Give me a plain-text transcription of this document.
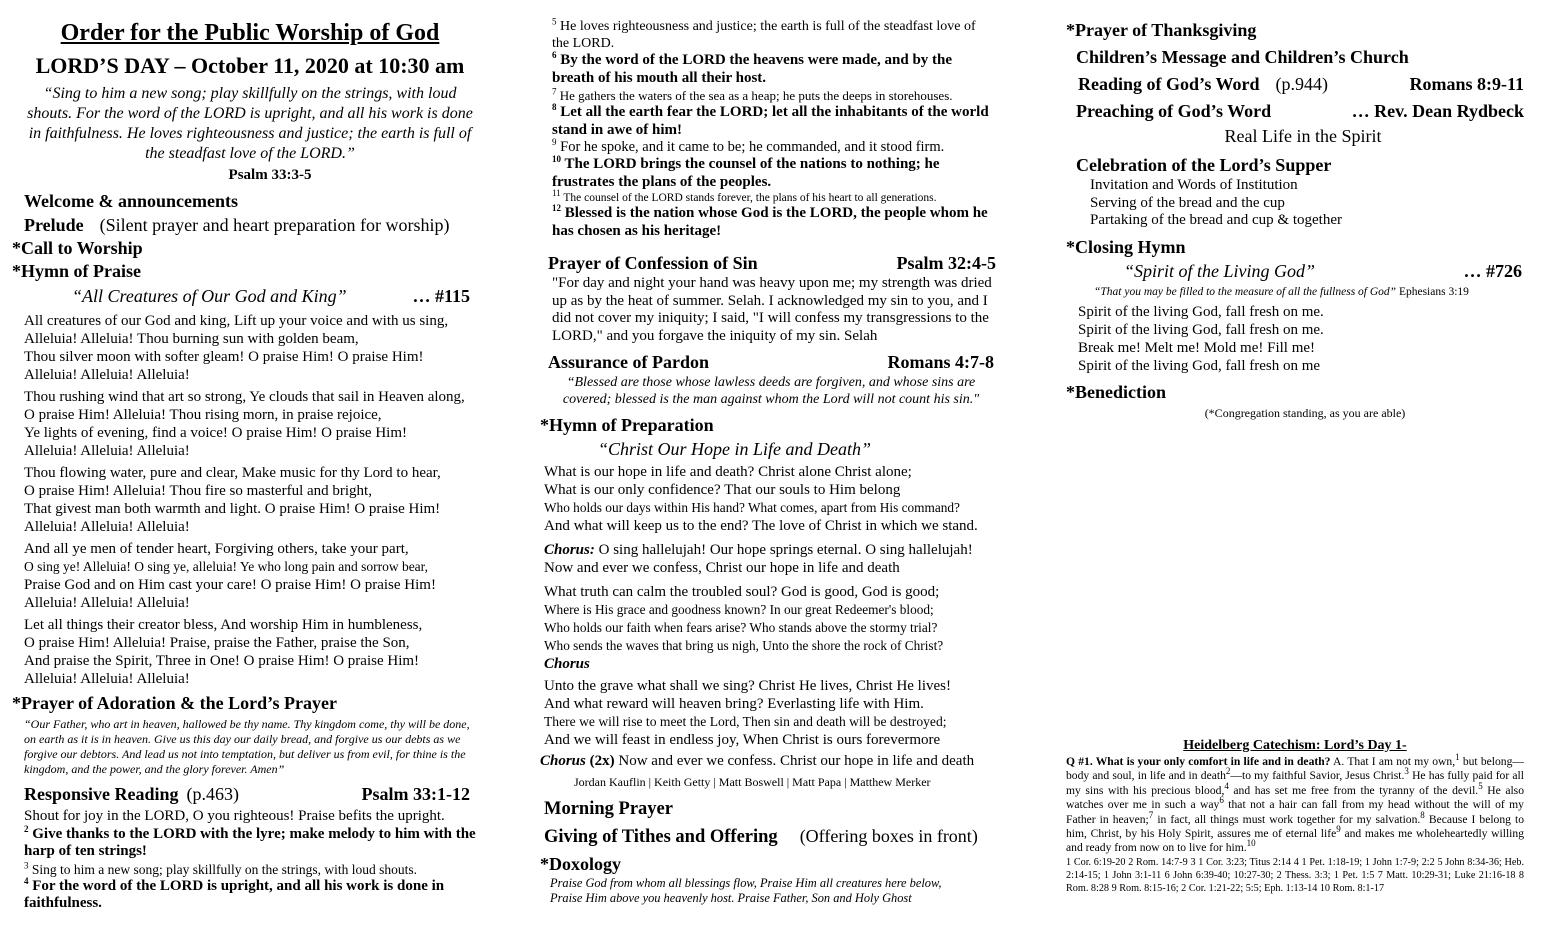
Order for the Public Worship of God
LORD’S DAY – October 11, 2020 at 10:30 am
“Sing to him a new song; play skillfully on the strings, with loud shouts. For the word of the LORD is upright, and all his work is done in faithfulness. He loves righteousness and justice; the earth is full of the steadfast love of the LORD.”
Psalm 33:3-5
Welcome & announcements
Prelude (Silent prayer and heart preparation for worship)
*Call to Worship
*Hymn of Praise
“All Creatures of Our God and King”	… #115
All creatures of our God and king, Lift up your voice and with us sing,
Alleluia! Alleluia! Thou burning sun with golden beam,
Thou silver moon with softer gleam! O praise Him! O praise Him!
Alleluia! Alleluia! Alleluia!
Thou rushing wind that art so strong, Ye clouds that sail in Heaven along,
O praise Him! Alleluia! Thou rising morn, in praise rejoice,
Ye lights of evening, find a voice! O praise Him! O praise Him!
Alleluia! Alleluia! Alleluia!
Thou flowing water, pure and clear, Make music for thy Lord to hear,
O praise Him! Alleluia! Thou fire so masterful and bright,
That givest man both warmth and light. O praise Him! O praise Him!
Alleluia! Alleluia! Alleluia!
And all ye men of tender heart, Forgiving others, take your part,
O sing ye! Alleluia! O sing ye, alleluia! Ye who long pain and sorrow bear,
Praise God and on Him cast your care! O praise Him! O praise Him!
Alleluia! Alleluia! Alleluia!
Let all things their creator bless, And worship Him in humbleness,
O praise Him! Alleluia! Praise, praise the Father, praise the Son,
And praise the Spirit, Three in One! O praise Him! O praise Him!
Alleluia! Alleluia! Alleluia!
*Prayer of Adoration & the Lord’s Prayer
“Our Father, who art in heaven, hallowed be thy name. Thy kingdom come, thy will be done, on earth as it is in heaven. Give us this day our daily bread, and forgive us our debts as we forgive our debtors. And lead us not into temptation, but deliver us from evil, for thine is the kingdom, and the power, and the glory forever. Amen”
Responsive Reading (p.463)	Psalm 33:1-12
Shout for joy in the LORD, O you righteous! Praise befits the upright.
$^2$ Give thanks to the LORD with the lyre; make melody to him with the harp of ten strings!
$^3$ Sing to him a new song; play skillfully on the strings, with loud shouts.
$^4$ For the word of the LORD is upright, and all his work is done in faithfulness.
$^5$ He loves righteousness and justice; the earth is full of the steadfast love of the LORD.
$^6$ By the word of the LORD the heavens were made, and by the breath of his mouth all their host.
$^7$ He gathers the waters of the sea as a heap; he puts the deeps in storehouses.
$^8$ Let all the earth fear the LORD; let all the inhabitants of the world stand in awe of him!
$^9$ For he spoke, and it came to be; he commanded, and it stood firm.
$^{10}$ The LORD brings the counsel of the nations to nothing; he frustrates the plans of the peoples.
$^{11}$ The counsel of the LORD stands forever, the plans of his heart to all generations.
$^{12}$ Blessed is the nation whose God is the LORD, the people whom he has chosen as his heritage!
Prayer of Confession of Sin	Psalm 32:4-5
"For day and night your hand was heavy upon me; my strength was dried up as by the heat of summer. Selah. I acknowledged my sin to you, and I did not cover my iniquity; I said, "I will confess my transgressions to the LORD," and you forgave the iniquity of my sin. Selah
Assurance of Pardon	Romans 4:7-8
“Blessed are those whose lawless deeds are forgiven, and whose sins are covered; blessed is the man against whom the Lord will not count his sin."
*Hymn of Preparation
“Christ Our Hope in Life and Death”
What is our hope in life and death? Christ alone Christ alone;
What is our only confidence? That our souls to Him belong
Who holds our days within His hand? What comes, apart from His command?
And what will keep us to the end? The love of Christ in which we stand.
Chorus: O sing hallelujah! Our hope springs eternal. O sing hallelujah!
Now and ever we confess, Christ our hope in life and death
What truth can calm the troubled soul? God is good, God is good;
Where is His grace and goodness known? In our great Redeemer's blood;
Who holds our faith when fears arise? Who stands above the stormy trial?
Who sends the waves that bring us nigh, Unto the shore the rock of Christ?
Chorus
Unto the grave what shall we sing? Christ He lives, Christ He lives!
And what reward will heaven bring? Everlasting life with Him.
There we will rise to meet the Lord, Then sin and death will be destroyed;
And we will feast in endless joy, When Christ is ours forevermore
Chorus (2x) Now and ever we confess. Christ our hope in life and death
Jordan Kauflin | Keith Getty | Matt Boswell | Matt Papa | Matthew Merker
Morning Prayer
Giving of Tithes and Offering (Offering boxes in front)
*Doxology
Praise God from whom all blessings flow, Praise Him all creatures here below,
Praise Him above you heavenly host. Praise Father, Son and Holy Ghost
*Prayer of Thanksgiving
Children’s Message and Children’s Church
Reading of God’s Word (p.944)	Romans 8:9-11
Preaching of God’s Word	… Rev. Dean Rydbeck
Real Life in the Spirit
Celebration of the Lord’s Supper
Invitation and Words of Institution
Serving of the bread and the cup
Partaking of the bread and cup & together
*Closing Hymn
“Spirit of the Living God”	… #726
“That you may be filled to the measure of all the fullness of God” Ephesians 3:19
Spirit of the living God, fall fresh on me.
Spirit of the living God, fall fresh on me.
Break me! Melt me! Mold me! Fill me!
Spirit of the living God, fall fresh on me
*Benediction
(*Congregation standing, as you are able)
Heidelberg Catechism: Lord’s Day 1-
Q #1. What is your only comfort in life and in death? A. That I am not my own,$^1$ but belong—body and soul, in life and in death$^2$—to my faithful Savior, Jesus Christ.$^3$ He has fully paid for all my sins with his precious blood,$^4$ and has set me free from the tyranny of the devil.$^5$ He also watches over me in such a way$^6$ that not a hair can fall from my head without the will of my Father in heaven;$^7$ in fact, all things must work together for my salvation.$^8$ Because I belong to him, Christ, by his Holy Spirit, assures me of eternal life$^9$ and makes me wholeheartedly willing and ready from now on to live for him.$^{10}$
1 Cor. 6:19-20 2 Rom. 14:7-9 3 1 Cor. 3:23; Titus 2:14 4 1 Pet. 1:18-19; 1 John 1:7-9; 2:2 5 John 8:34-36; Heb. 2:14-15; 1 John 3:1-11 6 John 6:39-40; 10:27-30; 2 Thess. 3:3; 1 Pet. 1:5 7 Matt. 10:29-31; Luke 21:16-18 8 Rom. 8:28 9 Rom. 8:15-16; 2 Cor. 1:21-22; 5:5; Eph. 1:13-14 10 Rom. 8:1-17
